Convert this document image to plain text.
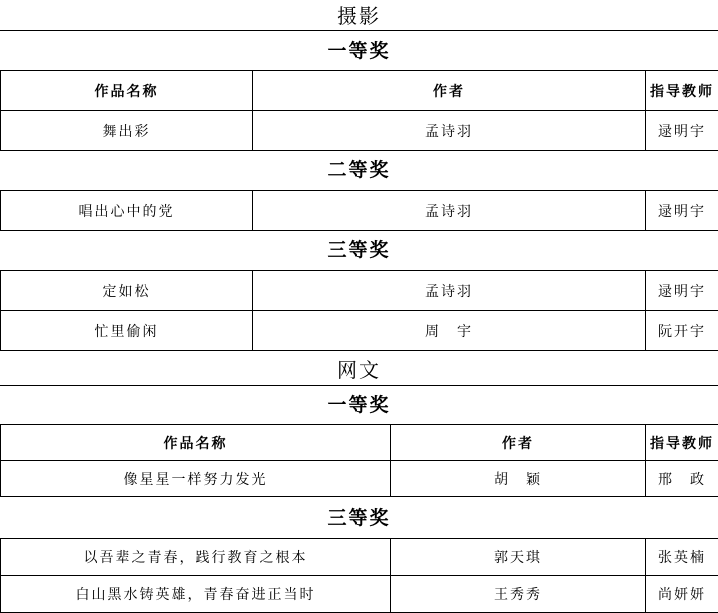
摄影
一等奖
作品名称	作者	指导教师
舞出彩	孟诗羽	逯明宇
二等奖
唱出心中的党	孟诗羽	逯明宇
三等奖
定如松	孟诗羽	逯明宇
忙里偷闲	周　宇	阮开宇
网文
一等奖
作品名称	作者	指导教师
像星星一样努力发光	胡　颖	邢　政
三等奖
以吾辈之青春，践行教育之根本	郭天琪	张英楠
白山黑水铸英雄，青春奋进正当时	王秀秀	尚妍妍
